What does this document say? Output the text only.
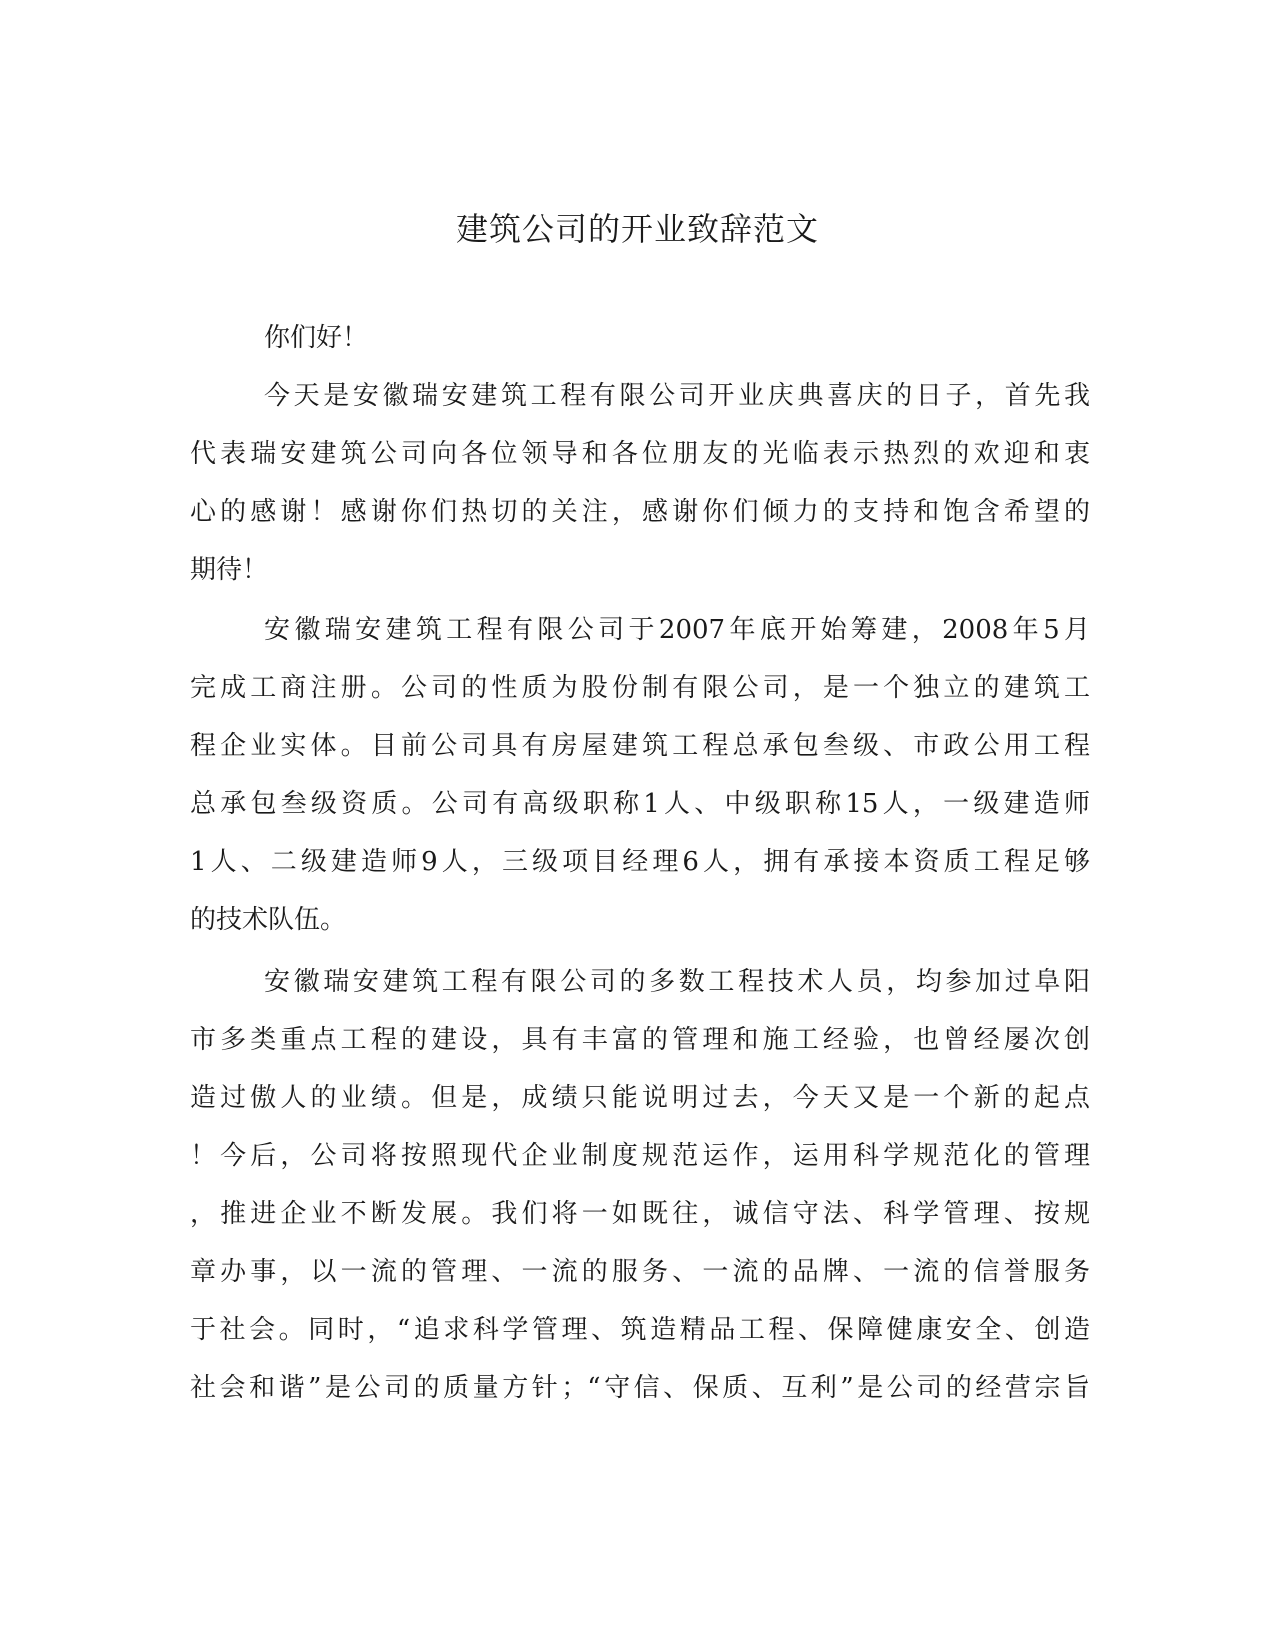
建筑公司的开业致辞范文

你们好！

今天是安徽瑞安建筑工程有限公司开业庆典喜庆的日子，首先我

代表瑞安建筑公司向各位领导和各位朋友的光临表示热烈的欢迎和衷

心的感谢！感谢你们热切的关注，感谢你们倾力的支持和饱含希望的

期待！

安徽瑞安建筑工程有限公司于2007年底开始筹建，2008年5月

完成工商注册。公司的性质为股份制有限公司，是一个独立的建筑工

程企业实体。目前公司具有房屋建筑工程总承包叁级、市政公用工程

总承包叁级资质。公司有高级职称1人、中级职称15人，一级建造师

1人、二级建造师9人，三级项目经理6人，拥有承接本资质工程足够

的技术队伍。

安徽瑞安建筑工程有限公司的多数工程技术人员，均参加过阜阳

市多类重点工程的建设，具有丰富的管理和施工经验，也曾经屡次创

造过傲人的业绩。但是，成绩只能说明过去，今天又是一个新的起点

！今后，公司将按照现代企业制度规范运作，运用科学规范化的管理

，推进企业不断发展。我们将一如既往，诚信守法、科学管理、按规

章办事，以一流的管理、一流的服务、一流的品牌、一流的信誉服务

于社会。同时，“追求科学管理、筑造精品工程、保障健康安全、创造

社会和谐”是公司的质量方针；“守信、保质、互利”是公司的经营宗旨
